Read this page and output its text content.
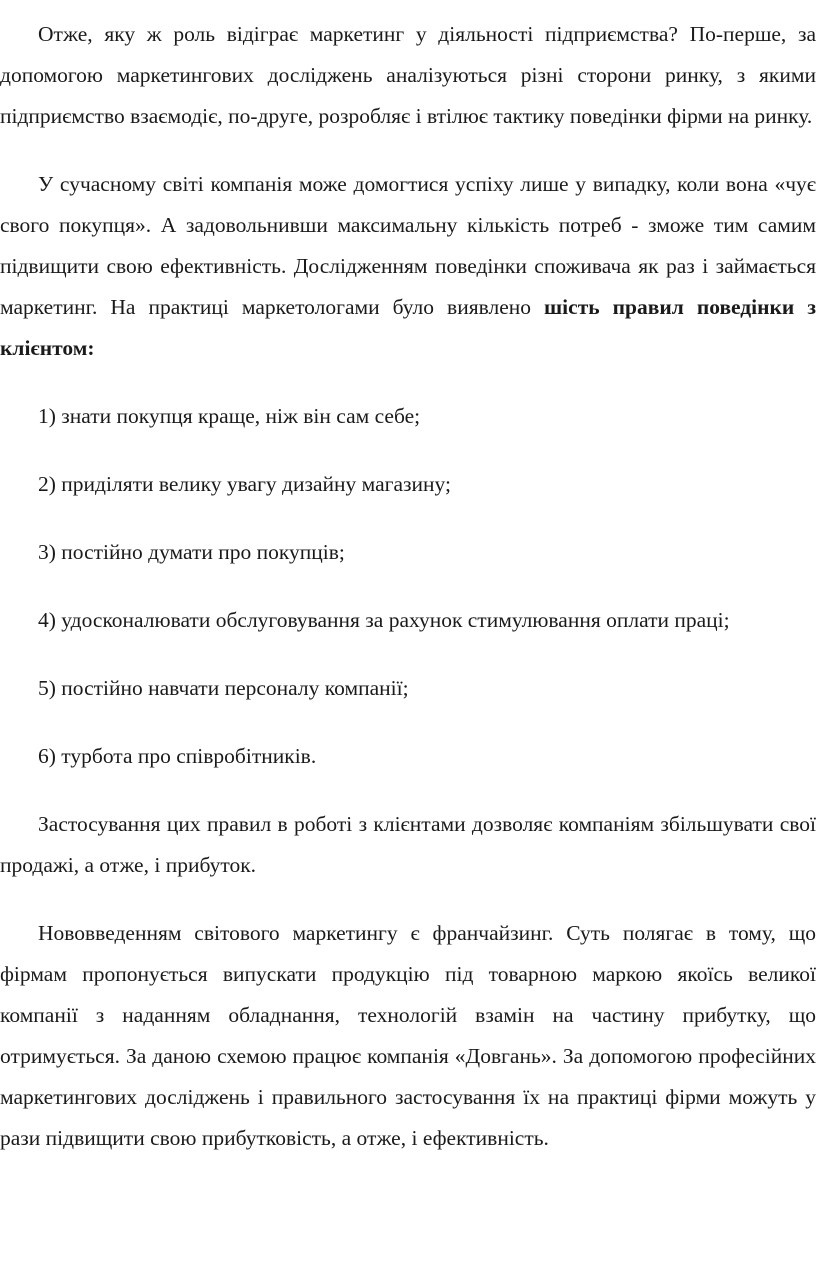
Отже, яку ж роль відіграє маркетинг у діяльності підприємства? По-перше, за допомогою маркетингових досліджень аналізуються різні сторони ринку, з якими підприємство взаємодіє, по-друге, розробляє і втілює тактику поведінки фірми на ринку.

У сучасному світі компанія може домогтися успіху лише у випадку, коли вона «чує свого покупця». А задовольнивши максимальну кількість потреб - зможе тим самим підвищити свою ефективність. Дослідженням поведінки споживача як раз і займається маркетинг. На практиці маркетологами було виявлено шість правил поведінки з клієнтом:

1) знати покупця краще, ніж він сам себе;

2) приділяти велику увагу дизайну магазину;

3) постійно думати про покупців;

4) удосконалювати обслуговування за рахунок стимулювання оплати праці;

5) постійно навчати персоналу компанії;

6) турбота про співробітників.

Застосування цих правил в роботі з клієнтами дозволяє компаніям збільшувати свої продажі, а отже, і прибуток.

Нововведенням світового маркетингу є франчайзинг. Суть полягає в тому, що фірмам пропонується випускати продукцію під товарною маркою якоїсь великої компанії з наданням обладнання, технологій взамін на частину прибутку, що отримується. За даною схемою працює компанія «Довгань». За допомогою професійних маркетингових досліджень і правильного застосування їх на практиці фірми можуть у рази підвищити свою прибутковість, а отже, і ефективність.
